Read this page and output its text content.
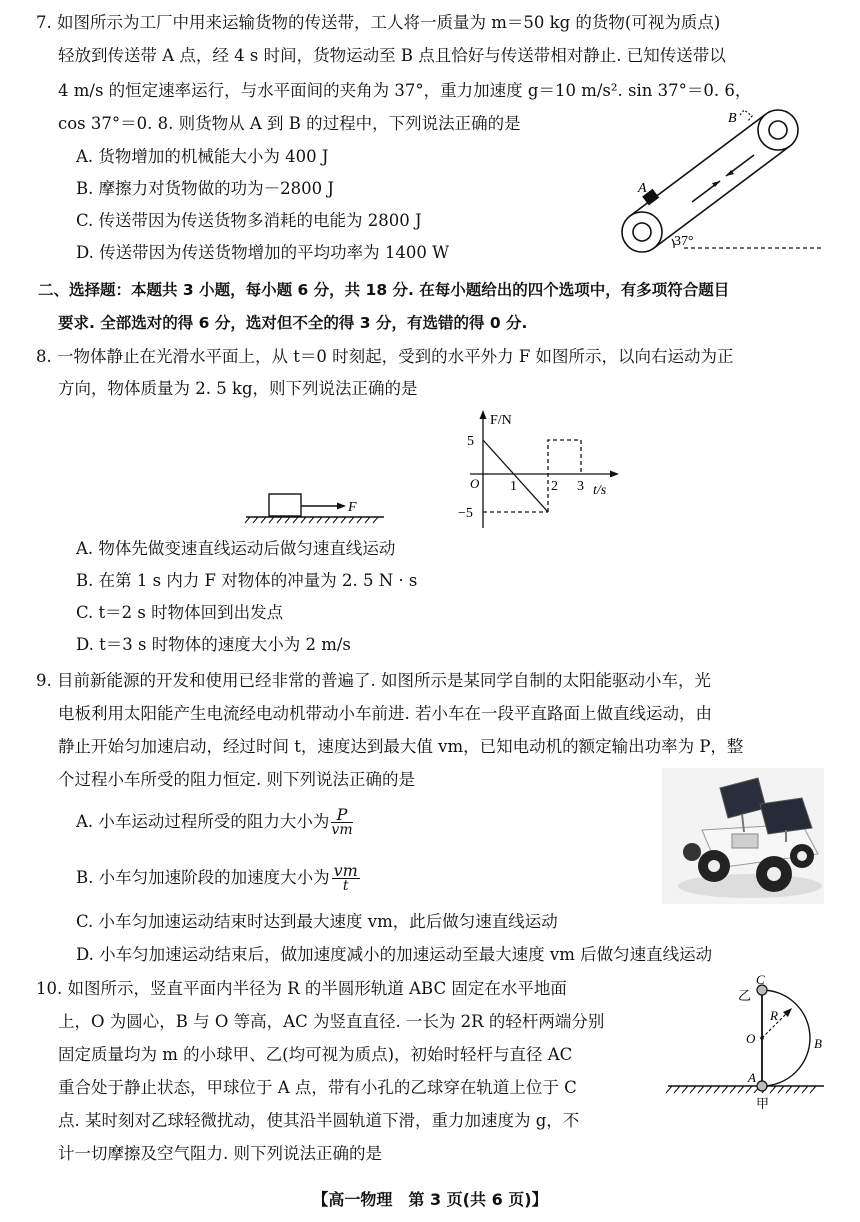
7. 如图所示为工厂中用来运输货物的传送带，工人将一质量为 m＝50 kg 的货物(可视为质点)
轻放到传送带 A 点，经 4 s 时间，货物运动至 B 点且恰好与传送带相对静止. 已知传送带以
4 m/s 的恒定速率运行，与水平面间的夹角为 37°，重力加速度 g＝10 m/s². sin 37°＝0. 6，
cos 37°＝0. 8. 则货物从 A 到 B 的过程中，下列说法正确的是
A. 货物增加的机械能大小为 400 J
B. 摩擦力对货物做的功为－2800 J
C. 传送带因为传送货物多消耗的电能为 2800 J
D. 传送带因为传送货物增加的平均功率为 1400 W
A
B
37°
二、选择题：本题共 3 小题，每小题 6 分，共 18 分. 在每小题给出的四个选项中，有多项符合题目
要求. 全部选对的得 6 分，选对但不全的得 3 分，有选错的得 0 分.
8. 一物体静止在光滑水平面上，从 t＝0 时刻起，受到的水平外力 F 如图所示，以向右运动为正
方向，物体质量为 2. 5 kg，则下列说法正确的是
F
F/N
t/s
5
−5
1 2 3
O
A. 物体先做变速直线运动后做匀速直线运动
B. 在第 1 s 内力 F 对物体的冲量为 2. 5 N · s
C. t＝2 s 时物体回到出发点
D. t＝3 s 时物体的速度大小为 2 m/s
9. 目前新能源的开发和使用已经非常的普遍了. 如图所示是某同学自制的太阳能驱动小车，光
电板利用太阳能产生电流经电动机带动小车前进. 若小车在一段平直路面上做直线运动，由
静止开始匀加速启动，经过时间 t，速度达到最大值 vm，已知电动机的额定输出功率为 P，整
个过程小车所受的阻力恒定. 则下列说法正确的是
A. 小车运动过程所受的阻力大小为 $\frac{P}{vm}$
B. 小车匀加速阶段的加速度大小为 $\frac{vm}{t}$
C. 小车匀加速运动结束时达到最大速度 vm，此后做匀速直线运动
D. 小车匀加速运动结束后，做加速度减小的加速运动至最大速度 vm 后做匀速直线运动
10. 如图所示，竖直平面内半径为 R 的半圆形轨道 ABC 固定在水平地面
上，O 为圆心，B 与 O 等高，AC 为竖直直径. 一长为 2R 的轻杆两端分别
固定质量均为 m 的小球甲、乙(均可视为质点)，初始时轻杆与直径 AC
重合处于静止状态，甲球位于 A 点，带有小孔的乙球穿在轨道上位于 C
点. 某时刻对乙球轻微扰动，使其沿半圆轨道下滑，重力加速度为 g，不
计一切摩擦及空气阻力. 则下列说法正确的是
C
乙
R
O	B
A
甲
【高一物理　第 3 页(共 6 页)】
